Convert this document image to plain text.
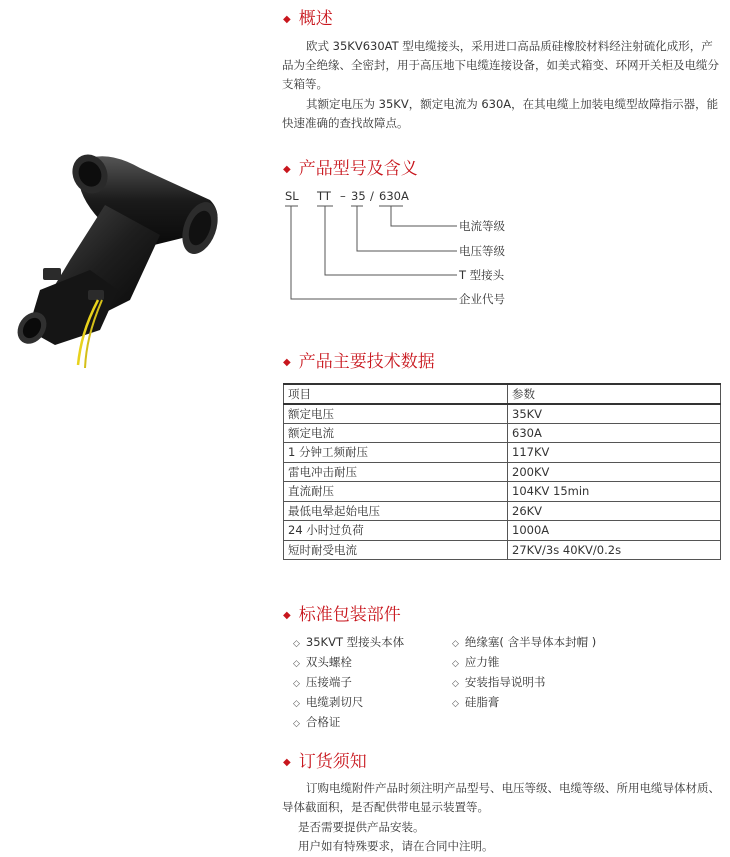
◆ 概述
欧式 35KV630AT 型电缆接头，采用进口高品质硅橡胶材料经注射硫化成形，产品为全绝缘、全密封，用于高压地下电缆连接设备，如美式箱变、环网开关柜及电缆分支箱等。
其额定电压为 35KV，额定电流为 630A，在其电缆上加装电缆型故障指示器，能快速准确的查找故障点。
◆ 产品型号及含义
SL TT – 35 / 630A
电流等级
电压等级
T 型接头
企业代号
◆ 产品主要技术数据
项目	参数
额定电压	35KV
额定电流	630A
1 分钟工频耐压	117KV
雷电冲击耐压	200KV
直流耐压	104KV 15min
最低电晕起始电压	26KV
24 小时过负荷	1000A
短时耐受电流	27KV/3s 40KV/0.2s
◆ 标准包装部件
◇ 35KVT 型接头本体	◇ 绝缘塞( 含半导体本封帽 )
◇ 双头螺栓	◇ 应力锥
◇ 压接端子	◇ 安装指导说明书
◇ 电缆剥切尺	◇ 硅脂膏
◇ 合格证
◆ 订货须知
订购电缆附件产品时须注明产品型号、电压等级、电缆等级、所用电缆导体材质、导体截面积，是否配供带电显示装置等。
是否需要提供产品安装。
用户如有特殊要求，请在合同中注明。
